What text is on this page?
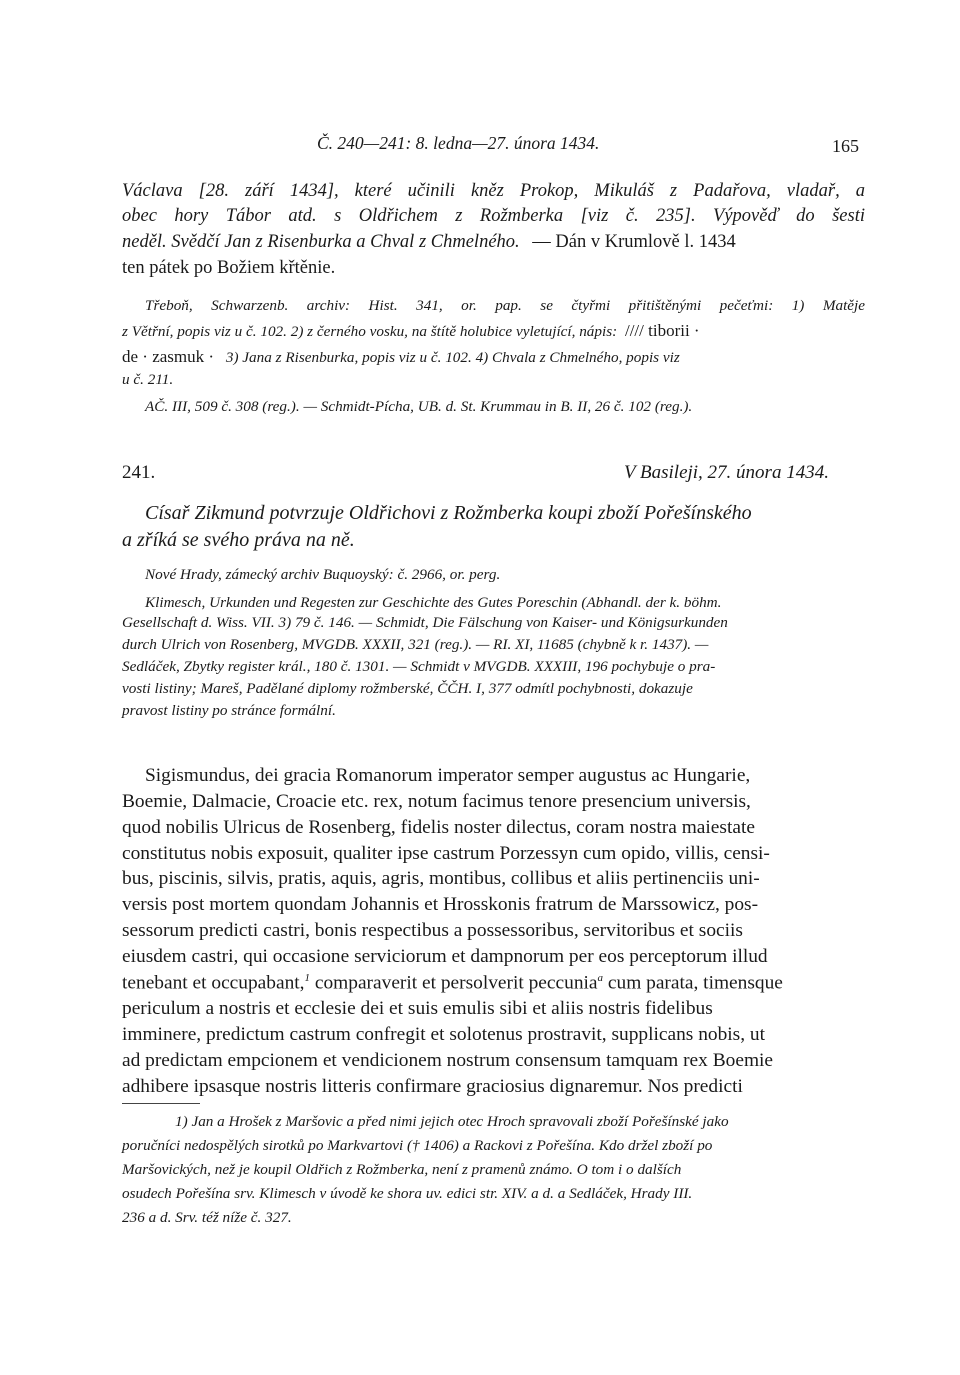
Č. 240—241: 8. ledna—27. února 1434.	165
Václava [28. září 1434], které učinili kněz Prokop, Mikuláš z Padařova, vladař, a
obec hory Tábor atd. s Oldřichem z Rožmberka [viz č. 235]. Výpověď do šesti
neděl. Svědčí Jan z Risenburka a Chval z Chmelného. — Dán v Krumlově l. 1434
ten pátek po Božiem křtěnie.
Třeboň, Schwarzenb. archiv: Hist. 341, or. pap. se čtyřmi přitištěnými pečeťmi: 1) Matěje
z Větřní, popis viz u č. 102. 2) z černého vosku, na štítě holubice vyletující, nápis: //// tiborii ·
de · zasmuk · 3) Jana z Risenburka, popis viz u č. 102. 4) Chvala z Chmelného, popis viz
u č. 211.
AČ. III, 509 č. 308 (reg.). — Schmidt-Pícha, UB. d. St. Krummau in B. II, 26 č. 102 (reg.).
241.	V Basileji, 27. února 1434.
Císař Zikmund potvrzuje Oldřichovi z Rožmberka koupi zboží Pořešínského
a zříká se svého práva na ně.
Nové Hrady, zámecký archiv Buquoyský: č. 2966, or. perg.
Klimesch, Urkunden und Regesten zur Geschichte des Gutes Poreschin (Abhandl. der k. böhm.
Gesellschaft d. Wiss. VII. 3) 79 č. 146. — Schmidt, Die Fälschung von Kaiser- und Königsurkunden
durch Ulrich von Rosenberg, MVGDB. XXXII, 321 (reg.). — RI. XI, 11685 (chybně k r. 1437). —
Sedláček, Zbytky register král., 180 č. 1301. — Schmidt v MVGDB. XXXIII, 196 pochybuje o pra-
vosti listiny; Mareš, Padělané diplomy rožmberské, ČČH. I, 377 odmítl pochybnosti, dokazuje
pravost listiny po stránce formální.
Sigismundus, dei gracia Romanorum imperator semper augustus ac Hungarie,
Boemie, Dalmacie, Croacie etc. rex, notum facimus tenore presencium universis,
quod nobilis Ulricus de Rosenberg, fidelis noster dilectus, coram nostra maiestate
constitutus nobis exposuit, qualiter ipse castrum Porzessyn cum opido, villis, censi-
bus, piscinis, silvis, pratis, aquis, agris, montibus, collibus et aliis pertinenciis uni-
versis post mortem quondam Johannis et Hrosskonis fratrum de Marssowicz, pos-
sessorum predicti castri, bonis respectibus a possessoribus, servitoribus et sociis
eiusdem castri, qui occasione serviciorum et dampnorum per eos perceptorum illud
tenebant et occupabant,$^1$ comparaverit et persolverit peccunia$^a$ cum parata, timensque
periculum a nostris et ecclesie dei et suis emulis sibi et aliis nostris fidelibus
imminere, predictum castrum confregit et solotenus prostravit, supplicans nobis, ut
ad predictam empcionem et vendicionem nostrum consensum tamquam rex Boemie
adhibere ipsasque nostris litteris confirmare graciosius dignaremur. Nos predicti
1) Jan a Hrošek z Maršovic a před nimi jejich otec Hroch spravovali zboží Pořešínské jako
poručníci nedospělých sirotků po Markvartovi († 1406) a Rackovi z Pořešína. Kdo držel zboží po
Maršovických, než je koupil Oldřich z Rožmberka, není z pramenů známo. O tom i o dalších
osudech Pořešína srv. Klimesch v úvodě ke shora uv. edici str. XIV. a d. a Sedláček, Hrady III.
236 a d. Srv. též níže č. 327.
